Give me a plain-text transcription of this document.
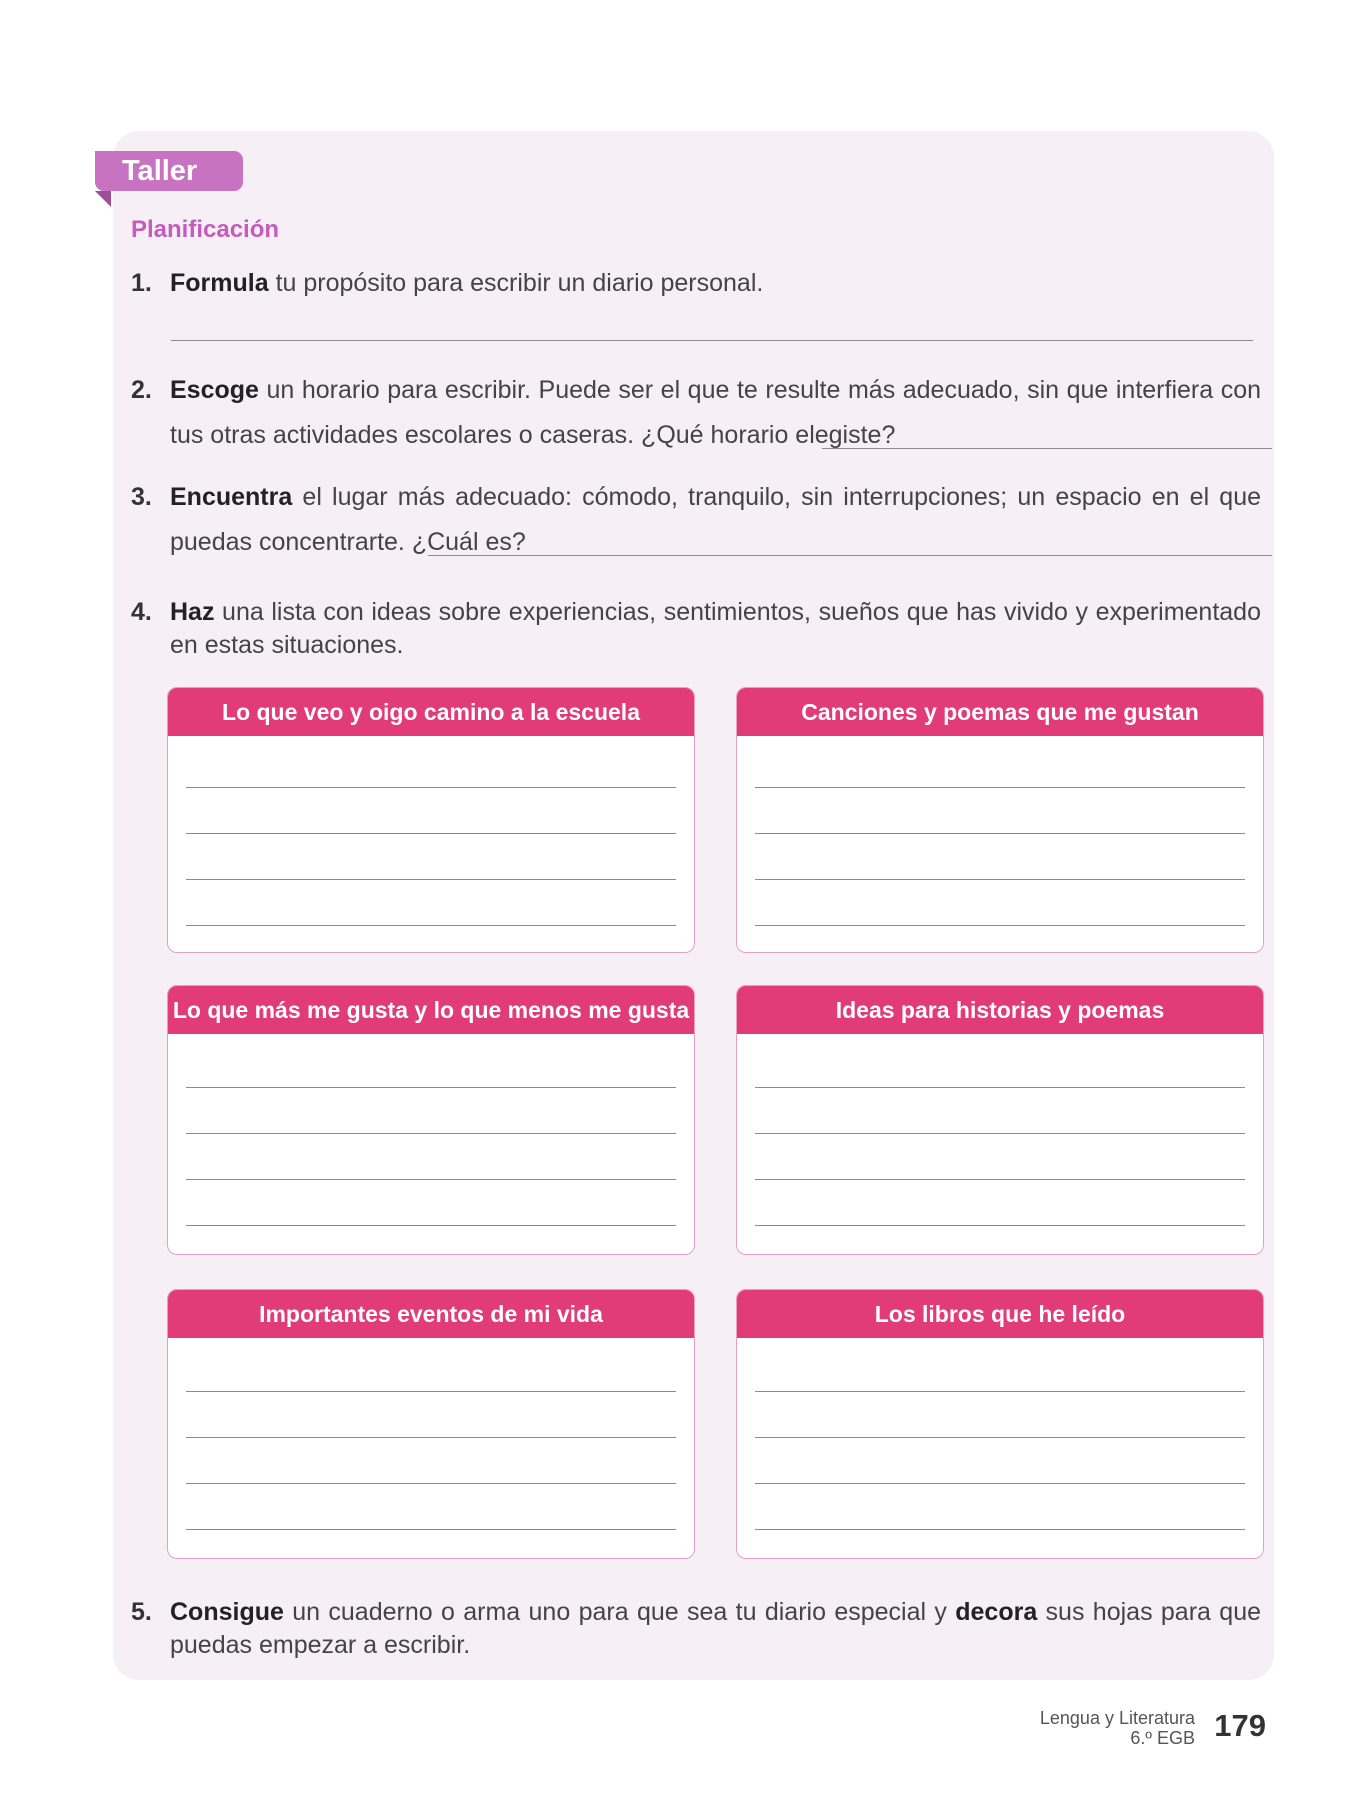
Taller
Planificación
1. Formula tu propósito para escribir un diario personal.
2. Escoge un horario para escribir. Puede ser el que te resulte más adecuado, sin que interfiera con tus otras actividades escolares o caseras. ¿Qué horario elegiste?
3. Encuentra el lugar más adecuado: cómodo, tranquilo, sin interrupciones; un espacio en el que puedas concentrarte. ¿Cuál es?
4. Haz una lista con ideas sobre experiencias, sentimientos, sueños que has vivido y experimentado en estas situaciones.
Lo que veo y oigo camino a la escuela	Canciones y poemas que me gustan
Lo que más me gusta y lo que menos me gusta	Ideas para historias y poemas
Importantes eventos de mi vida	Los libros que he leído
5. Consigue un cuaderno o arma uno para que sea tu diario especial y decora sus hojas para que puedas empezar a escribir.
Lengua y Literatura
6.º EGB 179
